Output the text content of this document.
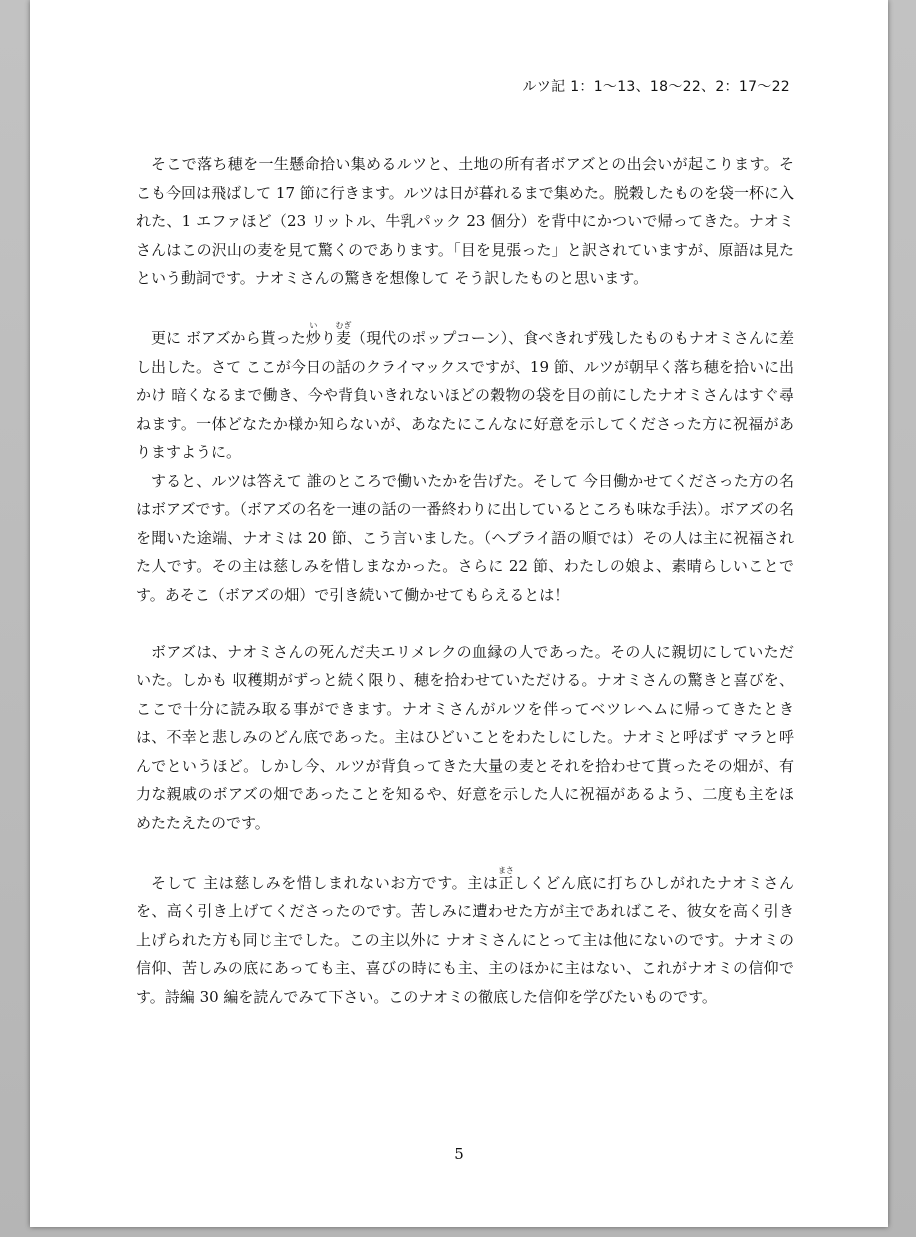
ルツ記 1：1〜13、18〜22、2：17〜22

そこで落ち穂を一生懸命拾い集めるルツと、土地の所有者ボアズとの出会いが起こります。そこも今回は飛ばして 17 節に行きます。ルツは日が暮れるまで集めた。脱穀したものを袋一杯に入れた、1 エファほど（23 リットル、牛乳パック 23 個分）を背中にかついで帰ってきた。ナオミさんはこの沢山の麦を見て驚くのであります。「目を見張った」と訳されていますが、原語は見たという動詞です。ナオミさんの驚きを想像して そう訳したものと思います。

更に ボアズから貰った炒いり麦むぎ（現代のポップコーン）、食べきれず残したものもナオミさんに差し出した。さて ここが今日の話のクライマックスですが、19 節、ルツが朝早く落ち穂を拾いに出かけ 暗くなるまで働き、今や背負いきれないほどの穀物の袋を目の前にしたナオミさんはすぐ尋ねます。一体どなたか様か知らないが、あなたにこんなに好意を示してくださった方に祝福がありますように。

すると、ルツは答えて 誰のところで働いたかを告げた。そして 今日働かせてくださった方の名はボアズです。（ボアズの名を一連の話の一番終わりに出しているところも味な手法）。ボアズの名を聞いた途端、ナオミは 20 節、こう言いました。（ヘブライ語の順では）その人は主に祝福された人です。その主は慈しみを惜しまなかった。さらに 22 節、わたしの娘よ、素晴らしいことです。あそこ（ボアズの畑）で引き続いて働かせてもらえるとは！

ボアズは、ナオミさんの死んだ夫エリメレクの血縁の人であった。その人に親切にしていただいた。しかも 収穫期がずっと続く限り、穂を拾わせていただける。ナオミさんの驚きと喜びを、ここで十分に読み取る事ができます。ナオミさんがルツを伴ってベツレヘムに帰ってきたときは、不幸と悲しみのどん底であった。主はひどいことをわたしにした。ナオミと呼ばず マラと呼んでというほど。しかし今、ルツが背負ってきた大量の麦とそれを拾わせて貰ったその畑が、有力な親戚のボアズの畑であったことを知るや、好意を示した人に祝福があるよう、二度も主をほめたたえたのです。

そして 主は慈しみを惜しまれないお方です。主は正まさしくどん底に打ちひしがれたナオミさんを、高く引き上げてくださったのです。苦しみに遭わせた方が主であればこそ、彼女を高く引き上げられた方も同じ主でした。この主以外に ナオミさんにとって主は他にないのです。ナオミの信仰、苦しみの底にあっても主、喜びの時にも主、主のほかに主はない、これがナオミの信仰です。詩編 30 編を読んでみて下さい。このナオミの徹底した信仰を学びたいものです。

5
